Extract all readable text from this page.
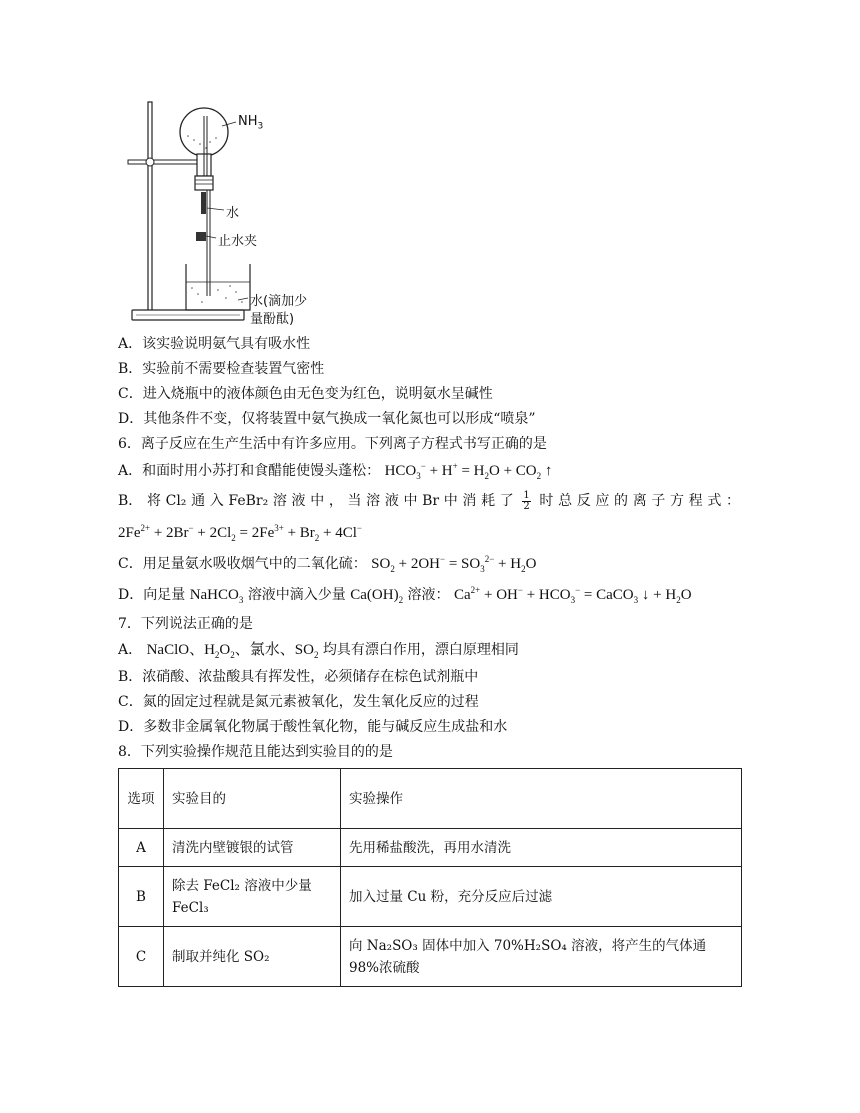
$NH_3$
水
止水夹
水(滴加少
量酚酞)
A．该实验说明氨气具有吸水性
B．实验前不需要检查装置气密性
C．进入烧瓶中的液体颜色由无色变为红色，说明氨水呈碱性
D．其他条件不变，仅将装置中氨气换成一氧化氮也可以形成“喷泉”
6．离子反应在生产生活中有许多应用。下列离子方程式书写正确的是
A．和面时用小苏打和食醋能使馒头蓬松： $HCO_3^- + H^+ = H_2O + CO_2$ ↑
B． 将 Cl₂ 通 入 FeBr₂ 溶 液 中 ， 当 溶 液 中 Br 中 消 耗 了 $\frac{1}{2}$ 时 总 反 应 的 离 子 方 程 式 ：
$2Fe^{2+} + 2Br^- + 2Cl_2 = 2Fe^{3+} + Br_2 + 4Cl^-$
C．用足量氨水吸收烟气中的二氧化硫： $SO_2 + 2OH^- = SO_3^{2-} + H_2O$
D．向足量 NaHCO$_3$ 溶液中滴入少量 $Ca(OH)_2$ 溶液： $Ca^{2+} + OH^- + HCO_3^-$ = CaCO$_3$ ↓ + $H_2O$
7．下列说法正确的是
A． NaClO、$H_2O_2$、氯水、$SO_2$ 均具有漂白作用，漂白原理相同
B．浓硝酸、浓盐酸具有挥发性，必须储存在棕色试剂瓶中
C．氮的固定过程就是氮元素被氧化，发生氧化反应的过程
D．多数非金属氧化物属于酸性氧化物，能与碱反应生成盐和水
8．下列实验操作规范且能达到实验目的的是
选项	实验目的	实验操作
A	清洗内壁镀银的试管	先用稀盐酸洗，再用水清洗
B	除去 FeCl₂ 溶液中少量 FeCl₃	加入过量 Cu 粉，充分反应后过滤
C	制取并纯化 SO₂	向 Na₂SO₃ 固体中加入 70%H₂SO₄ 溶液，将产生的气体通 98%浓硫酸
